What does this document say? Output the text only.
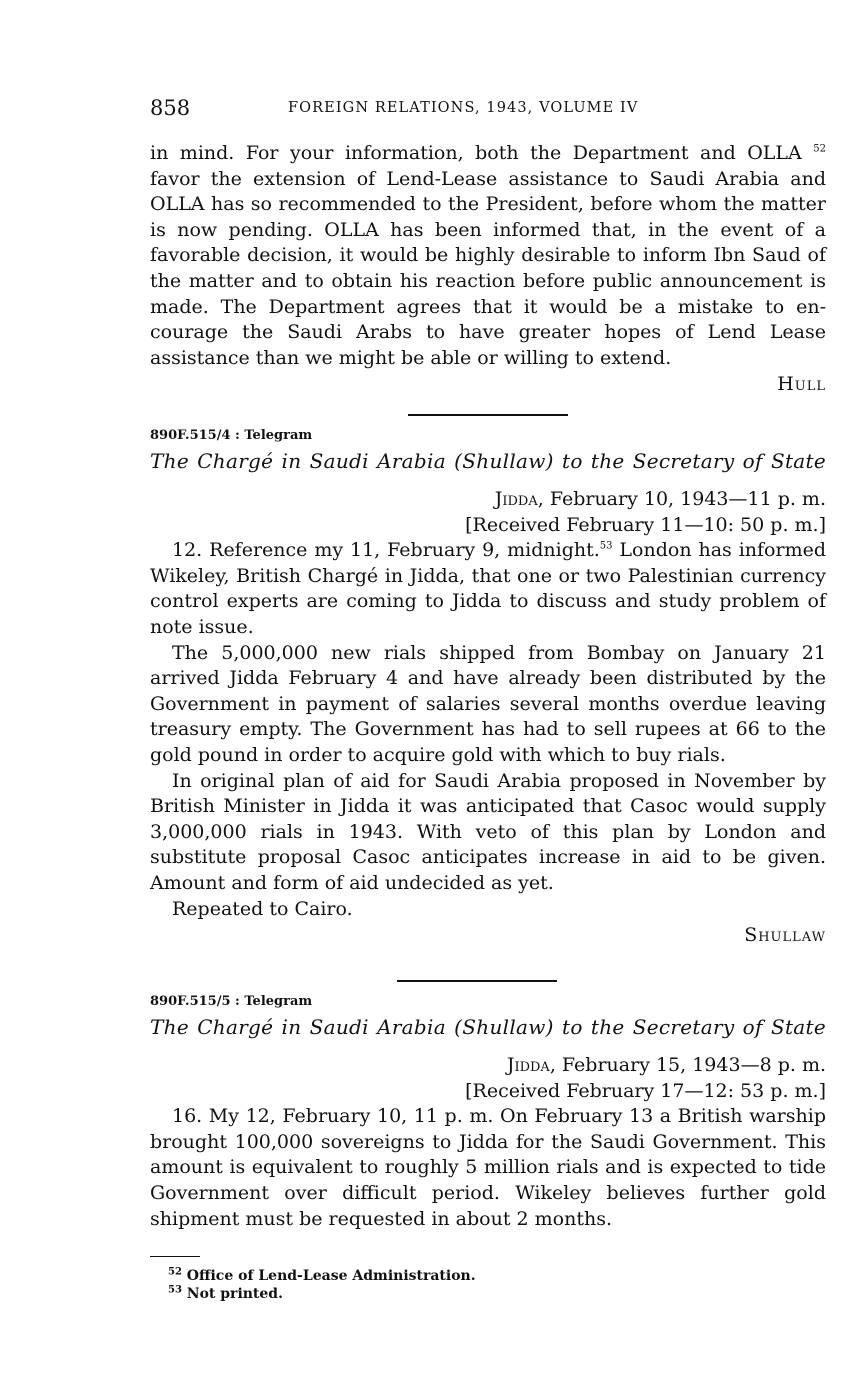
858	FOREIGN RELATIONS, 1943, VOLUME IV

in mind. For your information, both the Department and OLLA $^{52}$ favor the extension of Lend-Lease assistance to Saudi Arabia and OLLA has so recommended to the President, before whom the matter is now pending. OLLA has been informed that, in the event of a favorable decision, it would be highly desirable to inform Ibn Saud of the matter and to obtain his reaction before public announcement is made. The Department agrees that it would be a mistake to encourage the Saudi Arabs to have greater hopes of Lend Lease assistance than we might be able or willing to extend.

Hull

890F.515/4 : Telegram

The Chargé in Saudi Arabia (Shullaw) to the Secretary of State

Jidda, February 10, 1943—11 p. m.

[Received February 11—10: 50 p. m.]

12. Reference my 11, February 9, midnight.$^{53}$ London has informed Wikeley, British Chargé in Jidda, that one or two Palestinian currency control experts are coming to Jidda to discuss and study problem of note issue.

The 5,000,000 new rials shipped from Bombay on January 21 arrived Jidda February 4 and have already been distributed by the Government in payment of salaries several months overdue leaving treasury empty. The Government has had to sell rupees at 66 to the gold pound in order to acquire gold with which to buy rials.

In original plan of aid for Saudi Arabia proposed in November by British Minister in Jidda it was anticipated that Casoc would supply 3,000,000 rials in 1943. With veto of this plan by London and substitute proposal Casoc anticipates increase in aid to be given. Amount and form of aid undecided as yet.

Repeated to Cairo.

Shullaw

890F.515/5 : Telegram

The Chargé in Saudi Arabia (Shullaw) to the Secretary of State

Jidda, February 15, 1943—8 p. m.

[Received February 17—12: 53 p. m.]

16. My 12, February 10, 11 p. m. On February 13 a British warship brought 100,000 sovereigns to Jidda for the Saudi Government. This amount is equivalent to roughly 5 million rials and is expected to tide Government over difficult period. Wikeley believes further gold shipment must be requested in about 2 months.

$^{52}$ Office of Lend-Lease Administration.

$^{53}$ Not printed.
